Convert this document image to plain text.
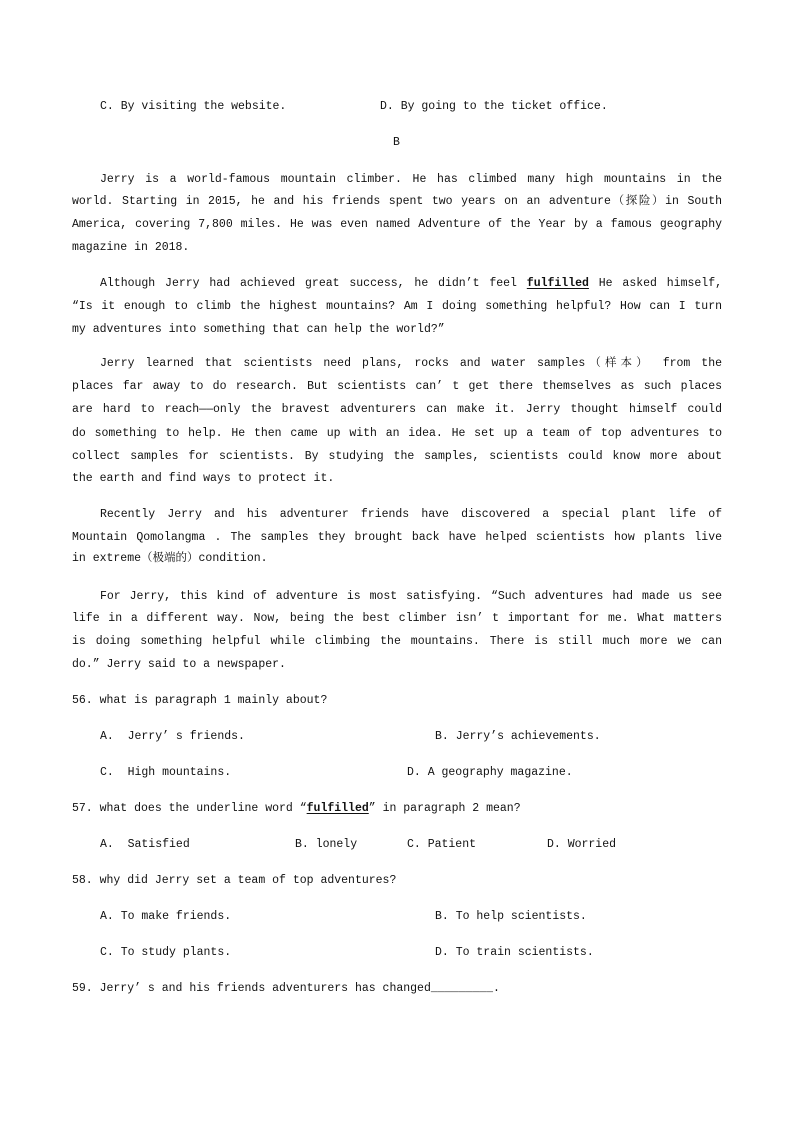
C. By visiting the website.	D. By going to the ticket office.
B
Jerry is a world-famous mountain climber. He has climbed many high mountains in the
world. Starting in 2015, he and his friends spent two years on an adventure（探险）in South
America, covering 7,800 miles. He was even named Adventure of the Year by a famous geography
magazine in 2018.
Although Jerry had achieved great success, he didn’t feel fulfilled He asked himself,
“Is it enough to climb the highest mountains? Am I doing something helpful? How can I turn
my adventures into something that can help the world?”
Jerry learned that scientists need plans, rocks and water samples（样本） from the
places far away to do research. But scientists can’ t get there themselves as such places
are hard to reach——only the bravest adventurers can make it. Jerry thought himself could
do something to help. He then came up with an idea. He set up a team of top adventures to
collect samples for scientists. By studying the samples, scientists could know more about
the earth and find ways to protect it.
Recently Jerry and his adventurer friends have discovered a special plant life of
Mountain Qomolangma . The samples they brought back have helped scientists how plants live
in extreme（极端的）condition.
For Jerry, this kind of adventure is most satisfying. “Such adventures had made us see
life in a different way. Now, being the best climber isn’ t important for me. What matters
is doing something helpful while climbing the mountains. There is still much more we can
do.” Jerry said to a newspaper.
56. what is paragraph 1 mainly about?
A.  Jerry’ s friends.	B. Jerry’s achievements.
C.  High mountains.	D. A geography magazine.
57. what does the underline word “fulfilled” in paragraph 2 mean?
A.  Satisfied	B. lonely	C. Patient	D. Worried
58. why did Jerry set a team of top adventures?
A. To make friends.	B. To help scientists.
C. To study plants.	D. To train scientists.
59. Jerry’ s and his friends adventurers has changed_________.
